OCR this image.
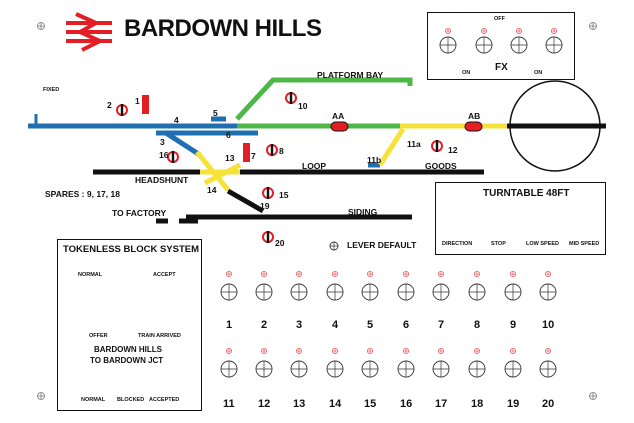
BARDOWN HILLS	OFF
ON	ON
FX
PLATFORM BAY
LOOP	GOODS
HEADSHUNT
TO FACTORY	SIDING
FIXED
SPARES : 9, 17, 18
LEVER DEFAULT
AA	AB
1
2
3
4
5
6
7	8
10
11a
11b
12
13
14	15
16
19
20
TURNTABLE 48FT
DIRECTION	STOP	LOW SPEED MID SPEED
TOKENLESS BLOCK SYSTEM
NORMAL	ACCEPT
OFFER	TRAIN ARRIVED
BARDOWN HILLS
TO BARDOWN JCT
NORMAL BLOCKED ACCEPTED
1	2	3	4	5	6	7	8	9 10
11 12 13 14 15 16 17 18 19 20
